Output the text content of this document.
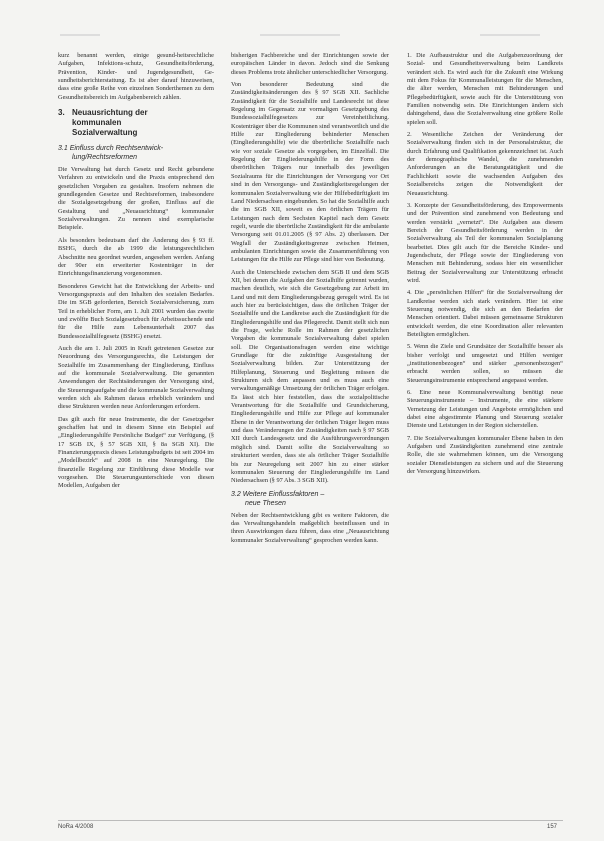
kurz benannt werden, einige gesund-heitsrechtliche Aufgaben, Infektions-schutz, Gesundheitsförderung, Prävention, Kinder- und Jugendgesundheit, Ge-sundheitsberichterstattung. Es ist aber darauf hinzuweisen, dass eine große Reihe von einzelnen Sonderthemen zu dem Gesundheitsbereich im Aufgabenbereich zählen.

3. Neuausrichtung der
kommunalen
Sozialverwaltung
3.1 Einfluss durch Rechtsentwick-
lung/Rechtsreformen

Die Verwaltung hat durch Gesetz und Recht gebundene Verfahren zu entwickeln und die Praxis entsprechend den gesetzlichen Vorgaben zu gestalten. Insofern nehmen die grundlegenden Gesetze und Rechtsreformen, insbesondere die Sozialgesetzgebung der großen, Einfluss auf die Gestaltung und „Neuausrichtung“ kommunaler Sozialverwaltungen. Zu nennen sind exemplarische Beispiele.

Als besonders bedeutsam darf die Änderung des § 93 ff. BSHG, durch die ab 1999 die leistungsrechtlichen Abschnitte neu geordnet wurden, angesehen werden. Anfang der 90er ein erweiterter Kostenträger in der Einrichtungsfinanzierung vorgenommen.

Besonderes Gewicht hat die Entwicklung der Arbeits- und Versorgungspraxis auf den Inhalten des sozialen Bedarfes. Die im SGB geforderten, Bereich Sozialversicherung, zum Teil in erheblicher Form, am 1. Juli 2001 wurden das zweite und zwölfte Buch Sozialgesetzbuch für Arbeitssuchende und für die Hilfe zum Lebensunterhalt 2007 das Bundessozialhilfegesetz (BSHG) ersetzt.

Auch die am 1. Juli 2005 in Kraft getretenen Gesetze zur Neuordnung des Versorgungsrechts, die Leistungen der Sozialhilfe im Zusammenhang der Eingliederung, Einfluss auf die kommunale Sozialverwaltung. Die genannten Anwendungen der Rechtsänderungen der Versorgung sind, die Steuerungsaufgabe und die kommunale Sozialverwaltung werden sich als Rahmen daraus erheblich verändern und diese Strukturen werden neue Anforderungen erfordern.

Das gilt auch für neue Instrumente, die der Gesetzgeber geschaffen hat und in diesem Sinne ein Beispiel auf „Eingliederungshilfe Persönliche Budget“ zur Verfügung, (§ 17 SGB IX, § 57 SGB XII, § 8a SGB XI). Die Finanzierungspraxis dieses Leistungsbudgets ist seit 2004 im „Modellbezirk“ auf 2008 in eine Neuregelung. Die finanzielle Regelung zur Einführung diese Modelle war vorgesehen. Die Steuerungsunterschiede von diesen Modellen, Aufgaben der

bisherigen Fachbereiche und der Einrichtungen sowie der europäischen Länder in davon. Jedoch sind die Senkung dieses Problems trotz ähnlicher unterschiedlicher Versorgung.

Von besonderer Bedeutung sind die Zuständigkeitsänderungen des § 97 SGB XII. Sachliche Zuständigkeit für die Sozialhilfe und Landesrecht ist diese Regelung im Gegensatz zur vormaligen Gesetzgebung des Bundessozialhilfegesetzes zur Vereinheitlichung. Kostenträger über die Kommunen sind verantwortlich und die Hilfe zur Eingliederung behinderter Menschen (Eingliederungshilfe) wie die überörtliche Sozialhilfe nach wie vor soziale Gesetze als vorgegeben, im Einzelfall. Die Regelung der Eingliederungshilfe in der Form des überörtlichen Trägers nur innerhalb des jeweiligen Sozialraums für die Einrichtungen der Versorgung vor Ort sind in den Versorgungs- und Zuständigkeitsregelungen der kommunalen Sozialverwaltung wie der Hilfebedürftigkeit im Land Niedersachsen eingebunden. So hat die Sozialhilfe auch die im SGB XII, soweit es den örtlichen Trägern für Leistungen nach dem Sechsten Kapitel nach dem Gesetz regelt, wurde die überörtliche Zuständigkeit für die ambulante Versorgung seit 01.01.2005 (§ 97 Abs. 2) überlassen. Der Wegfall der Zuständigkeitsgrenze zwischen Heimen, ambulanten Einrichtungen sowie die Zusammenführung von Leistungen für die Hilfe zur Pflege sind hier von Bedeutung.

Auch die Unterschiede zwischen dem SGB II und dem SGB XII, bei denen die Aufgaben der Sozialhilfe getrennt wurden, machen deutlich, wie sich die Gesetzgebung zur Arbeit im Land und mit dem Eingliederungsbezug geregelt wird. Es ist auch hier zu berücksichtigen, dass die örtlichen Träger der Sozialhilfe und die Landkreise auch die Zuständigkeit für die Eingliederungshilfe und das Pflegerecht. Damit stellt sich nun die Frage, welche Rolle im Rahmen der gesetzlichen Vorgaben die kommunale Sozialverwaltung dabei spielen soll. Die Organisationsfragen werden eine wichtige Grundlage für die zukünftige Ausgestaltung der Sozialverwaltung bilden. Zur Unterstützung der Hilfeplanung, Steuerung und Begleitung müssen die Strukturen sich dem anpassen und es muss auch eine verwaltungsmäßige Umsetzung der örtlichen Träger erfolgen. Es lässt sich hier feststellen, dass die sozialpolitische Verantwortung für die Sozialhilfe und Grundsicherung, Eingliederungshilfe und Hilfe zur Pflege auf kommunaler Ebene in der Verantwortung der örtlichen Träger liegen muss und dass Veränderungen der Zuständigkeiten nach § 97 SGB XII durch Landesgesetz und die Ausführungsverordnungen möglich sind. Damit sollte die Sozialverwaltung so strukturiert werden, dass sie als örtlicher Träger Sozialhilfe bis zur Neuregelung seit 2007 hin zu einer stärker kommunalen Steuerung der Eingliederungshilfe im Land Niedersachsen (§ 97 Abs. 3 SGB XII).

3.2 Weitere Einflussfaktoren –
neue Thesen

Neben der Rechtsentwicklung gibt es weitere Faktoren, die das Verwaltungshandeln maßgeblich beeinflussen und in ihren Auswirkungen dazu führen, dass eine „Neuausrichtung kommunaler Sozialverwaltung“ gesprochen werden kann.

1. Die Aufbaustruktur und die Aufgabenzuordnung der Sozial- und Gesundheitsverwaltung beim Landkreis verändert sich. Es wird auch für die Zukunft eine Wirkung mit dem Fokus für Kommunalleistungen für die Menschen, die älter werden, Menschen mit Behinderungen und Pflegebedürftigkeit, sowie auch für die Unterstützung von Familien notwendig sein. Die Einrichtungen ändern sich dahingehend, dass die Sozialverwaltung eine größere Rolle spielen soll.

2. Wesentliche Zeichen der Veränderung der Sozialverwaltung finden sich in der Personalstruktur, die durch Erfahrung und Qualifikation gekennzeichnet ist. Auch der demographische Wandel, die zunehmenden Anforderungen an die Beratungstätigkeit und die Fachlichkeit sowie die wachsenden Aufgaben des Sozialbereichs zeigen die Notwendigkeit der Neuausrichtung.

3. Konzepte der Gesundheitsförderung, des Empowerments und der Prävention sind zunehmend von Bedeutung und werden verstärkt „vernetzt“. Die Aufgaben aus diesem Bereich der Gesundheitsförderung werden in der Sozialverwaltung als Teil der kommunalen Sozialplanung bearbeitet. Dies gilt auch für die Bereiche Kinder- und Jugendschutz, der Pflege sowie der Eingliederung von Menschen mit Behinderung, sodass hier ein wesentlicher Beitrag der Sozialverwaltung zur Unterstützung erbracht wird.

4. Die „persönlichen Hilfen“ für die Sozialverwaltung der Landkreise werden sich stark verändern. Hier ist eine Steuerung notwendig, die sich an den Bedarfen der Menschen orientiert. Dabei müssen gemeinsame Strukturen entwickelt werden, die eine Koordination aller relevanten Beteiligten ermöglichen.

5. Wenn die Ziele und Grundsätze der Sozialhilfe besser als bisher verfolgt und umgesetzt und Hilfen weniger „institutionenbezogen“ und stärker „personenbezogen“ erbracht werden sollen, so müssen die Steuerungsinstrumente entsprechend angepasst werden.

6. Eine neue Kommunalverwaltung benötigt neue Steuerungsinstrumente – Instrumente, die eine stärkere Vernetzung der Leistungen und Angebote ermöglichen und dabei eine abgestimmte Planung und Steuerung sozialer Dienste und Leistungen in der Region sicherstellen.

7. Die Sozialverwaltungen kommunaler Ebene haben in den Aufgaben und Zuständigkeiten zunehmend eine zentrale Rolle, die sie wahrnehmen können, um die Versorgung sozialer Dienstleistungen zu sichern und auf die Steuerung der Versorgung hinzuwirken.

NoRa 4/2008	157
